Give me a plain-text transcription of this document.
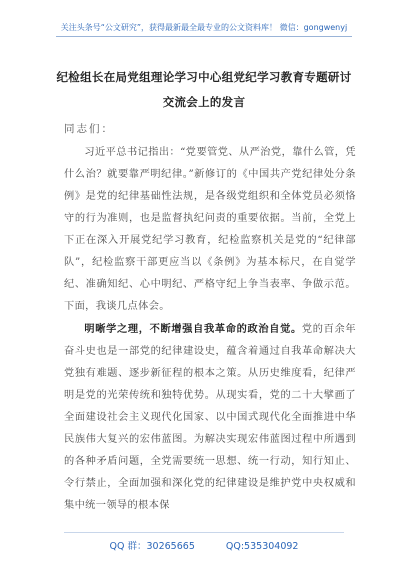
关注头条号“公文研究”，获得最新最全最专业的公文资料库！ 微信：gongwenyj
纪检组长在局党组理论学习中心组党纪学习教育专题研讨
交流会上的发言
同志们：

习近平总书记指出：“党要管党、从严治党，靠什么管，凭什么治？就要靠严明纪律。”新修订的《中国共产党纪律处分条例》是党的纪律基础性法规，是各级党组织和全体党员必须恪守的行为准则，也是监督执纪问责的重要依据。当前，全党上下正在深入开展党纪学习教育，纪检监察机关是党的“纪律部队”，纪检监察干部更应当以《条例》为基本标尺，在自觉学纪、准确知纪、心中明纪、严格守纪上争当表率、争做示范。下面，我谈几点体会。

明晰学之理，不断增强自我革命的政治自觉。党的百余年奋斗史也是一部党的纪律建设史，蕴含着通过自我革命解决大党独有难题、逐步新征程的根本之策。从历史维度看，纪律严明是党的光荣传统和独特优势。从现实看，党的二十大擘画了全面建设社会主义现代化国家、以中国式现代化全面推进中华民族伟大复兴的宏伟蓝图。为解决实现宏伟蓝图过程中所遇到的各种矛盾问题，全党需要统一思想、统一行动，知行知止、令行禁止，全面加强和深化党的纪律建设是维护党中央权威和集中统一领导的根本保

QQ 群：30265665	QQ:535304092
